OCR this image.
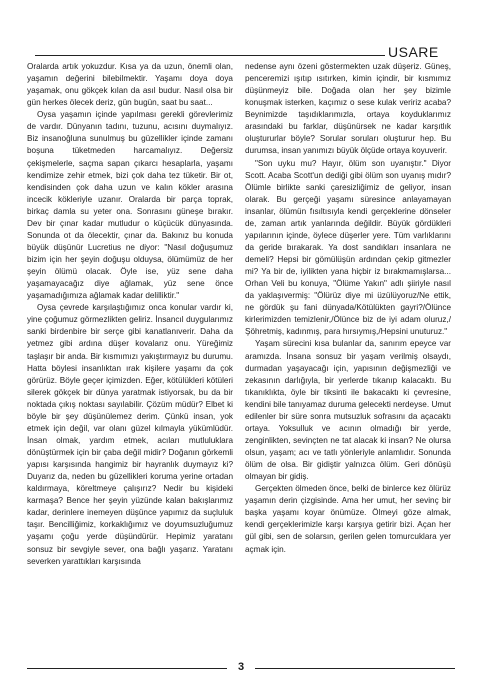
USARE

Oralarda artık yokuzdur. Kısa ya da uzun, önemli olan, yaşamın değerini bilebilmektir. Yaşamı doya doya yaşamak, onu gökçek kılan da asıl budur. Nasıl olsa bir gün herkes ölecek deriz, gün bugün, saat bu saat...

Oysa yaşamın içinde yapılması gerekli görevlerimiz de vardır. Dünyanın tadını, tuzunu, acısını duymalıyız. Biz insanoğluna sunulmuş bu güzellikler içinde zamanı boşuna tüketmeden harcamalıyız. Değersiz çekişmelerle, saçma sapan çıkarcı hesaplarla, yaşamı kendimize zehir etmek, bizi çok daha tez tüketir. Bir ot, kendisinden çok daha uzun ve kalın kökler arasına incecik kökleriyle uzanır. Oralarda bir parça toprak, birkaç damla su yeter ona. Sonrasını güneşe bırakır. Dev bir çınar kadar mutludur o küçücük dünyasında. Sonunda ot da ölecektir, çınar da. Bakınız bu konuda büyük düşünür Lucretius ne diyor: "Nasıl doğuşumuz bizim için her şeyin doğuşu olduysa, ölümümüz de her şeyin ölümü olacak. Öyle ise, yüz sene daha yaşamayacağız diye ağlamak, yüz sene önce yaşamadığımıza ağlamak kadar delilliktir."

Oysa çevrede karşılaştığımız onca konular vardır ki, yine çoğumuz görmezlikten geliriz. İnsancıl duygularımız sanki birdenbire bir serçe gibi kanatlanıverir. Daha da yetmez gibi ardına düşer kovalarız onu. Yüreğimiz taşlaşır bir anda. Bir kısmımızı yakıştırmayız bu durumu. Hatta böylesi insanlıktan ırak kişilere yaşamı da çok görürüz. Böyle geçer içimizden. Eğer, kötülükleri kötüleri silerek gökçek bir dünya yaratmak istiyorsak, bu da bir noktada çıkış noktası sayılabilir. Çözüm müdür? Elbet ki böyle bir şey düşünülemez derim. Çünkü insan, yok etmek için değil, var olanı güzel kılmayla yükümlüdür. İnsan olmak, yardım etmek, acıları mutluluklara dönüştürmek için bir çaba değil midir? Doğanın görkemli yapısı karşısında hangimiz bir hayranlık duymayız ki? Duyarız da, neden bu güzellikleri koruma yerine ortadan kaldırmaya, köreltmeye çalışırız? Nedir bu kişideki karmaşa? Bence her şeyin yüzünde kalan bakışlarımız kadar, derinlere inemeyen düşünce yapımız da suçluluk taşır. Bencilliğimiz, korkaklığımız ve doyumsuzluğumuz yaşamı çoğu yerde düşündürür. Hepimiz yaratanı sonsuz bir sevgiyle sever, ona bağlı yaşarız. Yaratanı severken yarattıkları karşısında

nedense aynı özeni göstermekten uzak düşeriz. Güneş, penceremizi ışıtıp ısıtırken, kimin içindir, bir kısmımız düşünmeyiz bile. Doğada olan her şey bizimle konuşmak isterken, kaçımız o sese kulak veririz acaba? Beynimizde taşıdıklarımızla, ortaya koyduklarımız arasındaki bu farklar, düşünürsek ne kadar karşıtlık oluştururlar böyle? Sorular soruları oluşturur hep. Bu durumsa, insan yanımızı büyük ölçüde ortaya koyuverir.

"Son uyku mu? Hayır, ölüm son uyanıştır." Diyor Scott. Acaba Scott'un dediği gibi ölüm son uyanış mıdır? Ölümle birlikte sanki çaresizliğimiz de geliyor, insan olarak. Bu gerçeği yaşamı süresince anlayamayan insanlar, ölümün fısıltısıyla kendi gerçeklerine dönseler de, zaman artık yanlarında değildir. Büyük gördükleri yapılarının içinde, öylece düşerler yere. Tüm varlıklarını da geride bırakarak. Ya dost sandıkları insanlara ne demeli? Hepsi bir gömülüşün ardından çekip gitmezler mi? Ya bir de, iyilikten yana hiçbir iz bırakmamışlarsa... Orhan Veli bu konuya, "Ölüme Yakın" adlı şiiriyle nasıl da yaklaşıvermiş: "Ölürüz diye mi üzülüyoruz/Ne ettik, ne gördük şu fani dünyada/Kötülükten gayri?/Ölünce kirlerimizden temizlenir,/Ölünce biz de iyi adam oluruz,/Şöhretmiş, kadınmış, para hırsıymış,/Hepsini unuturuz."

Yaşam sürecini kısa bulanlar da, sanırım epeyce var aramızda. İnsana sonsuz bir yaşam verilmiş olsaydı, durmadan yaşayacağı için, yapısının değişmezliği ve zekasının darlığıyla, bir yerlerde tıkanıp kalacaktı. Bu tıkanıklıkta, öyle bir tiksinti ile bakacaktı ki çevresine, kendini bile tanıyamaz duruma gelecekti nerdeyse. Umut edilenler bir süre sonra mutsuzluk sofrasını da açacaktı ortaya. Yoksulluk ve acının olmadığı bir yerde, zenginlikten, sevinçten ne tat alacak ki insan? Ne olursa olsun, yaşam; acı ve tatlı yönleriyle anlamlıdır. Sonunda ölüm de olsa. Bir gidiştir yalnızca ölüm. Geri dönüşü olmayan bir gidiş.

Gerçekten ölmeden önce, belki de binlerce kez ölürüz yaşamın derin çizgisinde. Ama her umut, her sevinç bir başka yaşamı koyar önümüze. Ölmeyi göze almak, kendi gerçeklerimizle karşı karşıya getirir bizi. Açan her gül gibi, sen de solarsın, gerilen gelen tomurcuklara yer açmak için.

3
